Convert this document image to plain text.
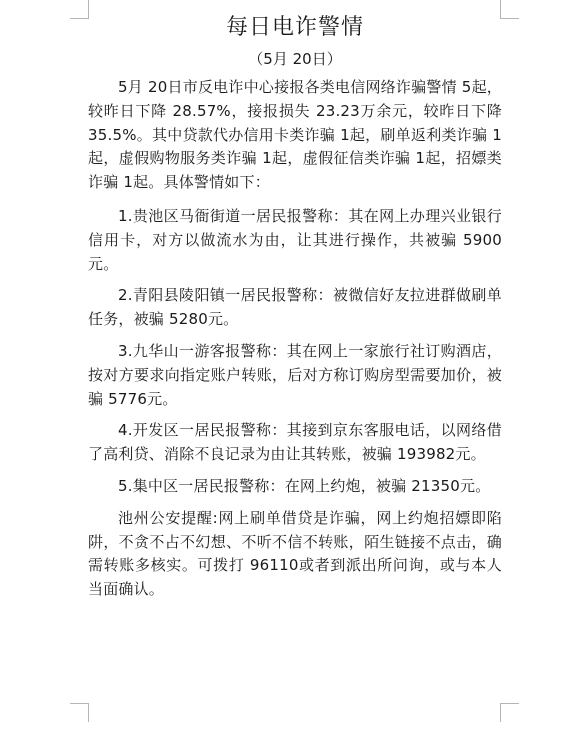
每日电诈警情
（5月 20日）

5月 20日市反电诈中心接报各类电信网络诈骗警情 5起，较昨日下降 28.57%，接报损失 23.23万余元，较昨日下降 35.5%。其中贷款代办信用卡类诈骗 1起，刷单返利类诈骗 1起，虚假购物服务类诈骗 1起，虚假征信类诈骗 1起，招嫖类诈骗 1起。具体警情如下：

1.贵池区马衙街道一居民报警称：其在网上办理兴业银行信用卡，对方以做流水为由，让其进行操作，共被骗 5900元。

2.青阳县陵阳镇一居民报警称：被微信好友拉进群做刷单任务，被骗 5280元。

3.九华山一游客报警称：其在网上一家旅行社订购酒店，按对方要求向指定账户转账，后对方称订购房型需要加价，被骗 5776元。

4.开发区一居民报警称：其接到京东客服电话，以网络借了高利贷、消除不良记录为由让其转账，被骗 193982元。

5.集中区一居民报警称：在网上约炮，被骗 21350元。

池州公安提醒:网上刷单借贷是诈骗，网上约炮招嫖即陷阱，不贪不占不幻想、不听不信不转账，陌生链接不点击，确需转账多核实。可拨打 96110或者到派出所问询，或与本人当面确认。
